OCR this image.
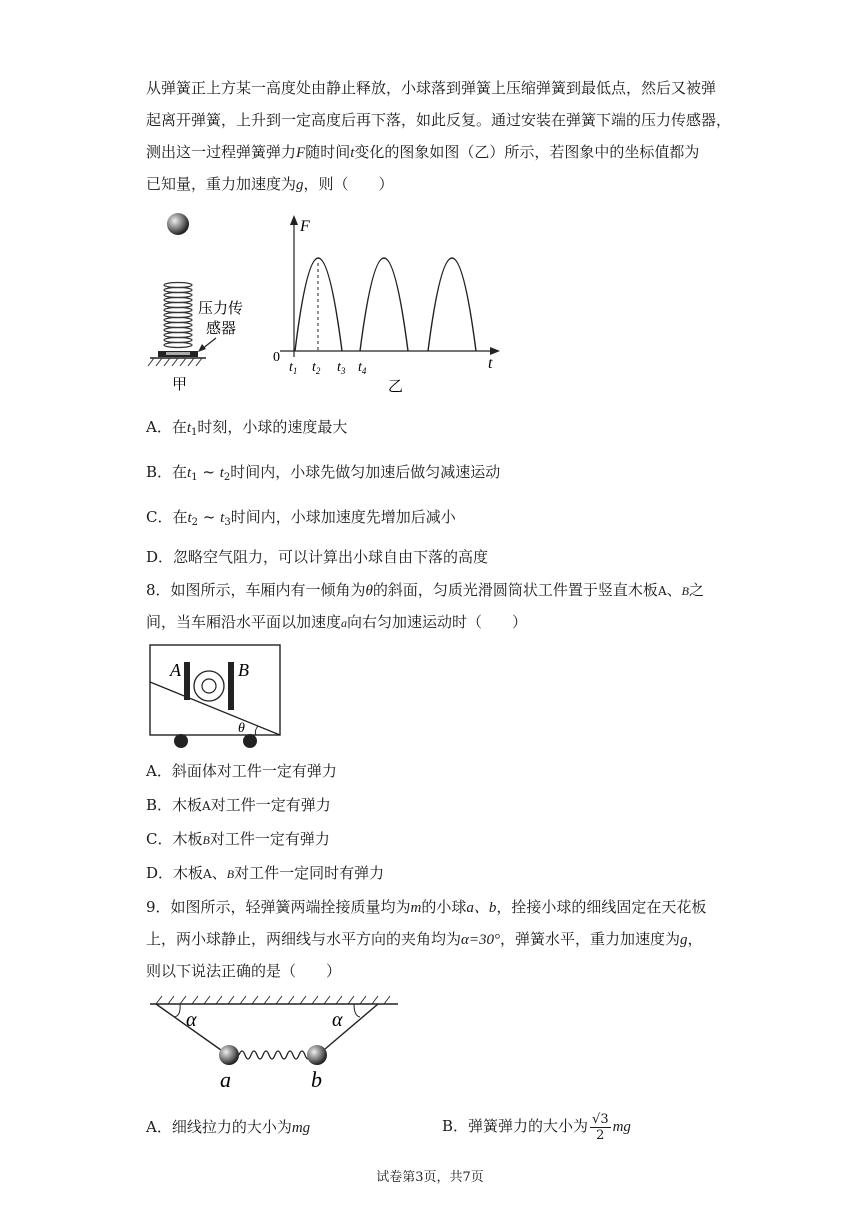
从弹簧正上方某一高度处由静止释放，小球落到弹簧上压缩弹簧到最低点，然后又被弹
起离开弹簧，上升到一定高度后再下落，如此反复。通过安装在弹簧下端的压力传感器，
测出这一过程弹簧弹力F随时间t变化的图象如图（乙）所示，若图象中的坐标值都为
已知量，重力加速度为g，则（　　）
压力传
感器
甲
F
t
0
$t_1$ $t_2$ $t_3$ $t_4$
乙
A．在$t_1$时刻，小球的速度最大
B．在$t_1$ ~ $t_2$时间内，小球先做匀加速后做匀减速运动
C．在$t_2$ ~ $t_3$时间内，小球加速度先增加后减小
D．忽略空气阻力，可以计算出小球自由下落的高度
8．如图所示，车厢内有一倾角为θ的斜面，匀质光滑圆筒状工件置于竖直木板A、B之
间，当车厢沿水平面以加速度a向右匀加速运动时（　　）
A	B
θ
A．斜面体对工件一定有弹力
B．木板A对工件一定有弹力
C．木板B对工件一定有弹力
D．木板A、B对工件一定同时有弹力
9．如图所示，轻弹簧两端拴接质量均为m的小球a、b，拴接小球的细线固定在天花板
上，两小球静止，两细线与水平方向的夹角均为α=30°，弹簧水平，重力加速度为g，
则以下说法正确的是（　　）
α	α
a	b
A．细线拉力的大小为mg	B．弹簧弹力的大小为 $\frac{√3}{2}$ mg
试卷第3页，共7页
